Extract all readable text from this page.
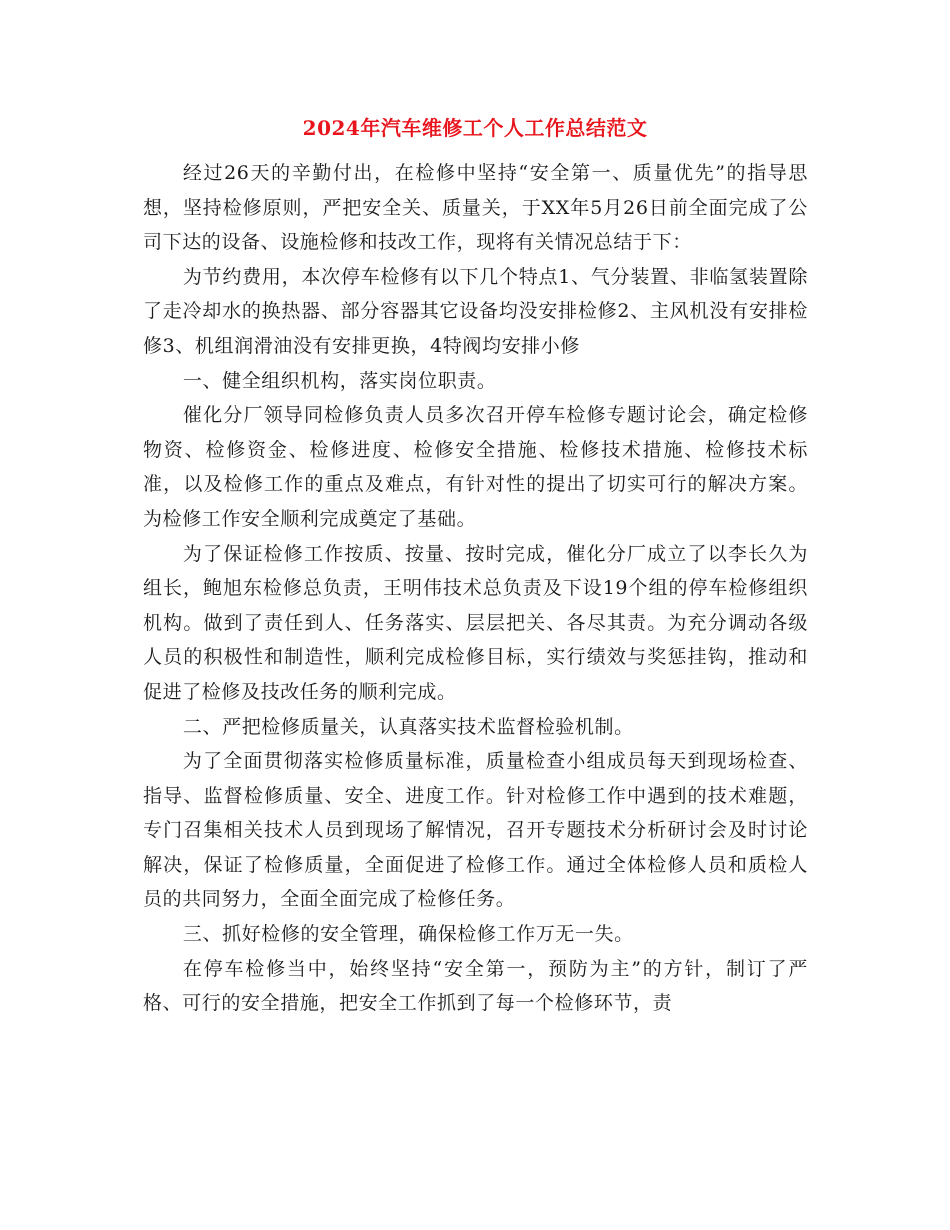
2024年汽车维修工个人工作总结范文

经过26天的辛勤付出，在检修中坚持“安全第一、质量优先”的指导思想，坚持检修原则，严把安全关、质量关，于XX年5月26日前全面完成了公司下达的设备、设施检修和技改工作，现将有关情况总结于下：

为节约费用，本次停车检修有以下几个特点1、气分装置、非临氢装置除了走冷却水的换热器、部分容器其它设备均没安排检修2、主风机没有安排检修3、机组润滑油没有安排更换，4特阀均安排小修

一、健全组织机构，落实岗位职责。

催化分厂领导同检修负责人员多次召开停车检修专题讨论会，确定检修物资、检修资金、检修进度、检修安全措施、检修技术措施、检修技术标准，以及检修工作的重点及难点，有针对性的提出了切实可行的解决方案。为检修工作安全顺利完成奠定了基础。

为了保证检修工作按质、按量、按时完成，催化分厂成立了以李长久为组长，鲍旭东检修总负责，王明伟技术总负责及下设19个组的停车检修组织机构。做到了责任到人、任务落实、层层把关、各尽其责。为充分调动各级人员的积极性和制造性，顺利完成检修目标，实行绩效与奖惩挂钩，推动和促进了检修及技改任务的顺利完成。

二、严把检修质量关，认真落实技术监督检验机制。

为了全面贯彻落实检修质量标准，质量检查小组成员每天到现场检查、指导、监督检修质量、安全、进度工作。针对检修工作中遇到的技术难题，专门召集相关技术人员到现场了解情况，召开专题技术分析研讨会及时讨论解决，保证了检修质量，全面促进了检修工作。通过全体检修人员和质检人员的共同努力，全面全面完成了检修任务。

三、抓好检修的安全管理，确保检修工作万无一失。

在停车检修当中，始终坚持“安全第一，预防为主”的方针，制订了严格、可行的安全措施，把安全工作抓到了每一个检修环节，责
